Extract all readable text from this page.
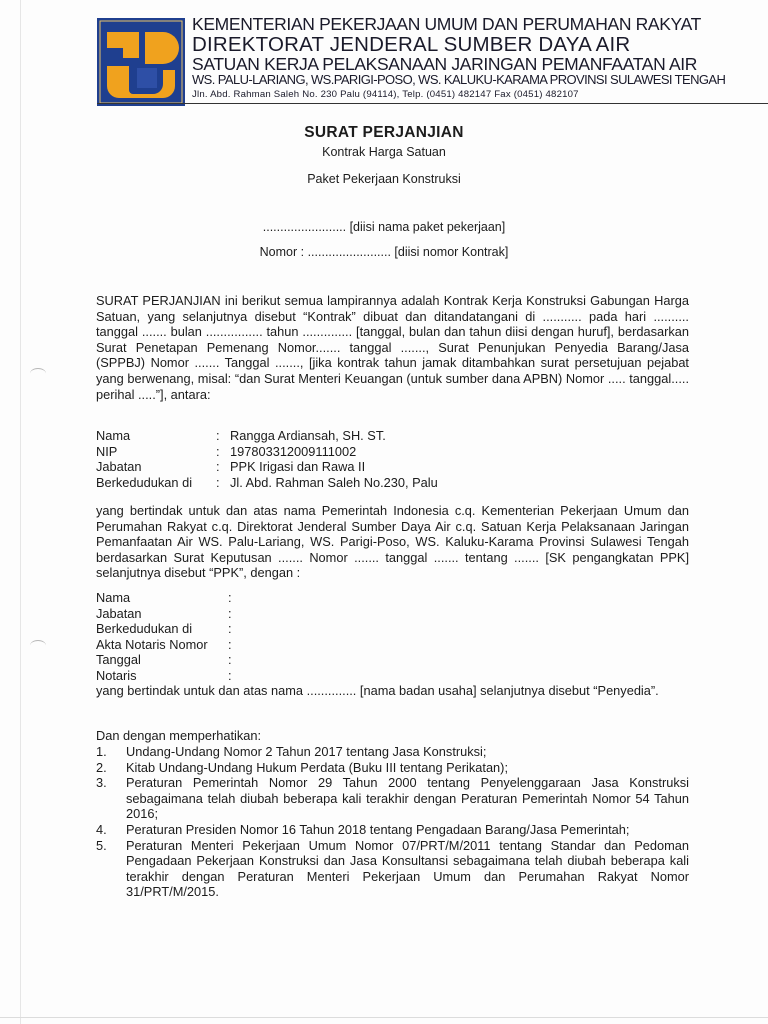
KEMENTERIAN PEKERJAAN UMUM DAN PERUMAHAN RAKYAT
DIREKTORAT JENDERAL SUMBER DAYA AIR
SATUAN KERJA PELAKSANAAN JARINGAN PEMANFAATAN AIR
WS. PALU-LARIANG, WS.PARIGI-POSO, WS. KALUKU-KARAMA PROVINSI SULAWESI TENGAH
Jln. Abd. Rahman Saleh No. 230 Palu (94114), Telp. (0451) 482147 Fax (0451) 482107
SURAT PERJANJIAN
Kontrak Harga Satuan
Paket Pekerjaan Konstruksi
........................ [diisi nama paket pekerjaan]
Nomor : ........................ [diisi nomor Kontrak]

SURAT PERJANJIAN ini berikut semua lampirannya adalah Kontrak Kerja Konstruksi Gabungan Harga Satuan, yang selanjutnya disebut “Kontrak” dibuat dan ditandatangani di ........... pada hari .......... tanggal ....... bulan ................ tahun .............. [tanggal, bulan dan tahun diisi dengan huruf], berdasarkan Surat Penetapan Pemenang Nomor....... tanggal ......., Surat Penunjukan Penyedia Barang/Jasa (SPPBJ) Nomor ....... Tanggal ......., [jika kontrak tahun jamak ditambahkan surat persetujuan pejabat yang berwenang, misal: “dan Surat Menteri Keuangan (untuk sumber dana APBN) Nomor ..... tanggal..... perihal .....”], antara:

Nama	: Rangga Ardiansah, SH. ST.
NIP	: 197803312009111002
Jabatan	: PPK Irigasi dan Rawa II
Berkedudukan di	: Jl. Abd. Rahman Saleh No.230, Palu

yang bertindak untuk dan atas nama Pemerintah Indonesia c.q. Kementerian Pekerjaan Umum dan Perumahan Rakyat c.q. Direktorat Jenderal Sumber Daya Air c.q. Satuan Kerja Pelaksanaan Jaringan Pemanfaatan Air WS. Palu-Lariang, WS. Parigi-Poso, WS. Kaluku-Karama Provinsi Sulawesi Tengah berdasarkan Surat Keputusan ....... Nomor ....... tanggal ....... tentang ....... [SK pengangkatan PPK] selanjutnya disebut “PPK”, dengan :

Nama	:
Jabatan	:
Berkedudukan di	:
Akta Notaris Nomor	:
Tanggal	:
Notaris	:

yang bertindak untuk dan atas nama .............. [nama badan usaha] selanjutnya disebut “Penyedia”.

Dan dengan memperhatikan:
1.	Undang-Undang Nomor 2 Tahun 2017 tentang Jasa Konstruksi;
2.	Kitab Undang-Undang Hukum Perdata (Buku III tentang Perikatan);
3.	Peraturan Pemerintah Nomor 29 Tahun 2000 tentang Penyelenggaraan Jasa Konstruksi sebagaimana telah diubah beberapa kali terakhir dengan Peraturan Pemerintah Nomor 54 Tahun 2016;
4.	Peraturan Presiden Nomor 16 Tahun 2018 tentang Pengadaan Barang/Jasa Pemerintah;
5.	Peraturan Menteri Pekerjaan Umum Nomor 07/PRT/M/2011 tentang Standar dan Pedoman Pengadaan Pekerjaan Konstruksi dan Jasa Konsultansi sebagaimana telah diubah beberapa kali terakhir dengan Peraturan Menteri Pekerjaan Umum dan Perumahan Rakyat Nomor 31/PRT/M/2015.
